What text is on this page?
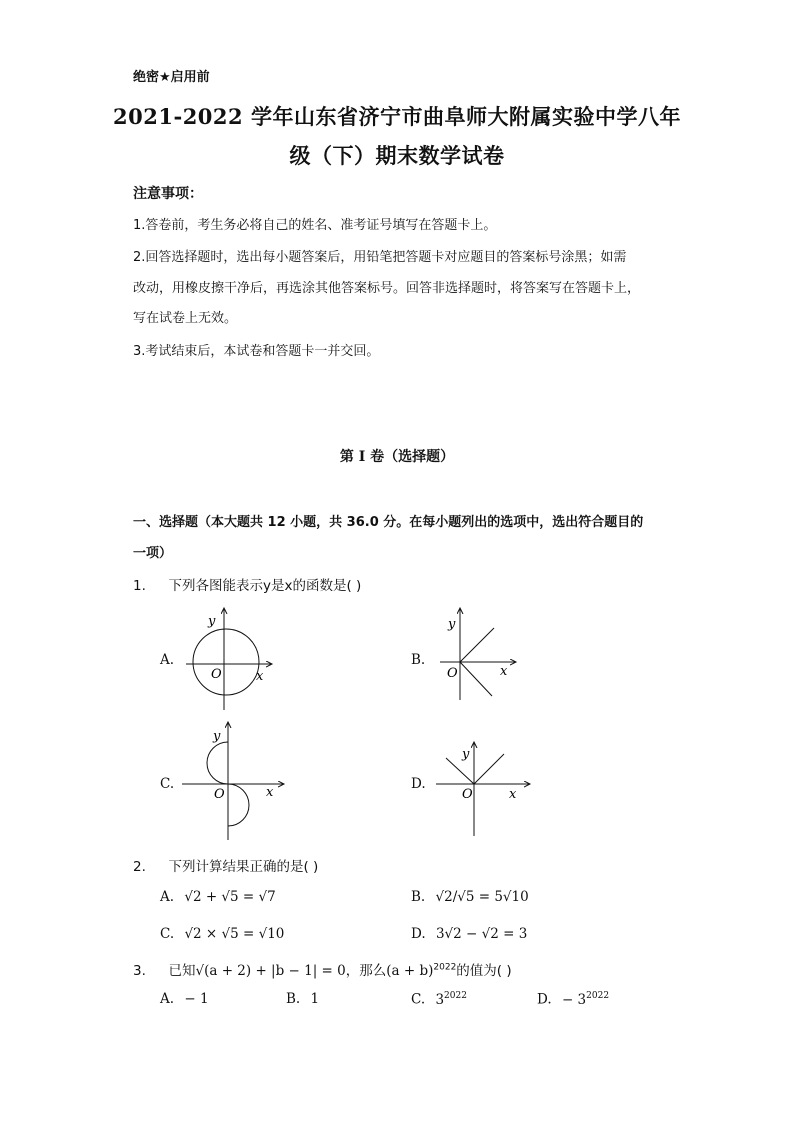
绝密★启用前
2021-2022 学年山东省济宁市曲阜师大附属实验中学八年
级（下）期末数学试卷
注意事项：
1.答卷前，考生务必将自己的姓名、准考证号填写在答题卡上。
2.回答选择题时，选出每小题答案后，用铅笔把答题卡对应题目的答案标号涂黑；如需
改动，用橡皮擦干净后，再选涂其他答案标号。回答非选择题时，将答案写在答题卡上，
写在试卷上无效。
3.考试结束后，本试卷和答题卡一并交回。
第 I 卷（选择题）
一、选择题（本大题共 12 小题，共 36.0 分。在每小题列出的选项中，选出符合题目的
一项）
1. 下列各图能表示y是x的函数是( )
A.
y
O	x
B.
y
O	x
C.
y
O	x
D.
y
O	x
2. 下列计算结果正确的是( )
A. √2 + √5 = √7	B. √2/√5 = 5√10
C. √2 × √5 = √10	D. 3√2 − √2 = 3
3. 已知√(a + 2) + |b − 1| = 0，那么$(a + b)^{2022}$的值为( )
A. − 1	B. 1	C. $3^{2022}$	D. − $3^{2022}$
